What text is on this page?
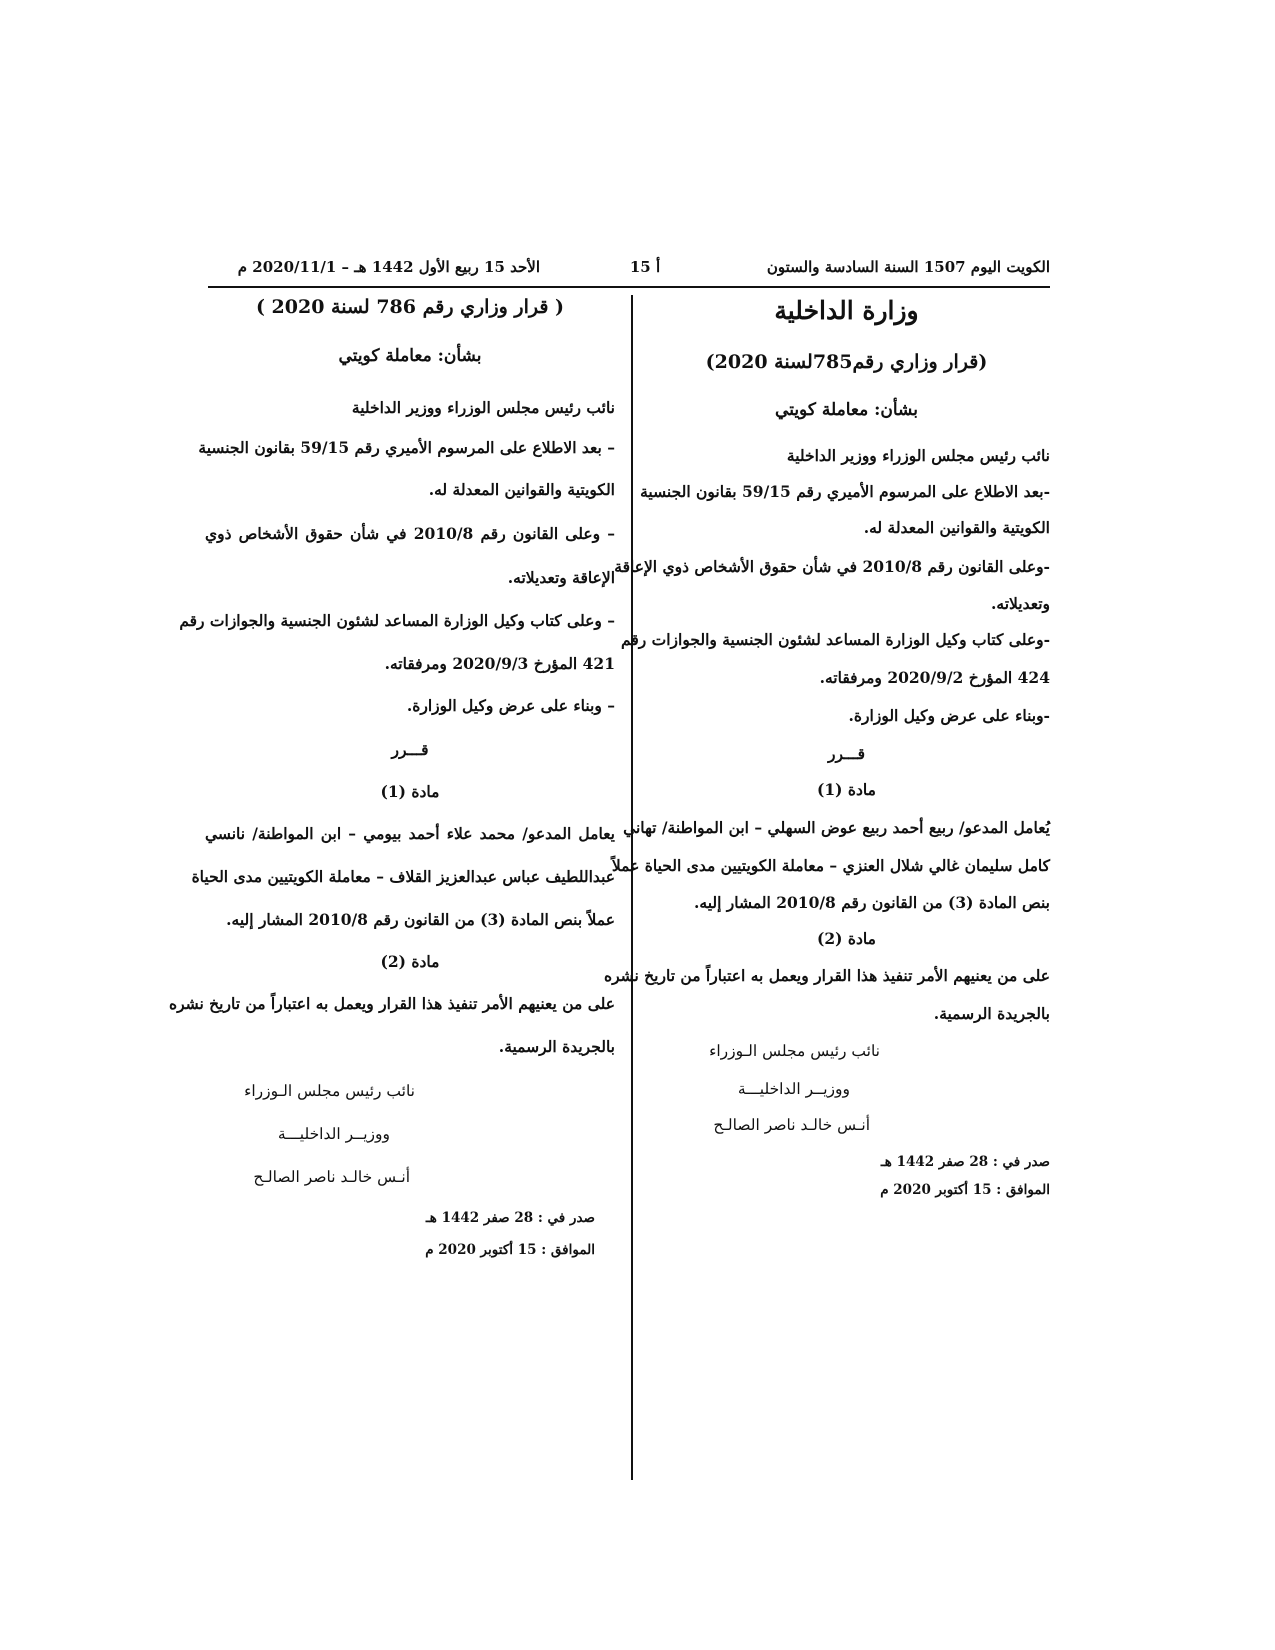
الأحد 15 ربيع الأول 1442 هـ – 2020/11/1 م	أ 15	الكويت اليوم 1507 السنة السادسة والستون
وزارة الداخلية
(قرار وزاري رقم785لسنة 2020)
بشأن: معاملة كويتي
نائب رئيس مجلس الوزراء ووزير الداخلية
-بعد الاطلاع على المرسوم الأميري رقم 59/15 بقانون الجنسية
الكويتية والقوانين المعدلة له.
-وعلى القانون رقم 2010/8 في شأن حقوق الأشخاص ذوي الإعاقة
وتعديلاته.
-وعلى كتاب وكيل الوزارة المساعد لشئون الجنسية والجوازات رقم
424 المؤرخ 2020/9/2 ومرفقاته.
-وبناء على عرض وكيل الوزارة.
قـــرر
مادة (1)
يُعامل المدعو/ ربيع أحمد ربيع عوض السهلي – ابن المواطنة/ تهاني
كامل سليمان غالي شلال العنزي – معاملة الكويتيين مدى الحياة عملاً
بنص المادة (3) من القانون رقم 2010/8 المشار إليه.
مادة (2)
على من يعنيهم الأمر تنفيذ هذا القرار ويعمل به اعتباراً من تاريخ نشره
بالجريدة الرسمية.
نائب رئيس مجلس الـوزراء
ووزيــر الداخليـــة
أنـس خالـد ناصر الصالـح
صدر في : 28 صفر 1442 هـ
الموافق : 15 أكتوبر 2020 م
( قرار وزاري رقم 786 لسنة 2020 )
بشأن: معاملة كويتي
نائب رئيس مجلس الوزراء ووزير الداخلية
– بعد الاطلاع على المرسوم الأميري رقم 59/15 بقانون الجنسية
الكويتية والقوانين المعدلة له.
– وعلى القانون رقم 2010/8 في شأن حقوق الأشخاص ذوي
الإعاقة وتعديلاته.
– وعلى كتاب وكيل الوزارة المساعد لشئون الجنسية والجوازات رقم
421 المؤرخ 2020/9/3 ومرفقاته.
– وبناء على عرض وكيل الوزارة.
قـــرر
مادة (1)
يعامل المدعو/ محمد علاء أحمد بيومي – ابن المواطنة/ نانسي
عبداللطيف عباس عبدالعزيز القلاف – معاملة الكويتيين مدى الحياة
عملاً بنص المادة (3) من القانون رقم 2010/8 المشار إليه.
مادة (2)
على من يعنيهم الأمر تنفيذ هذا القرار ويعمل به اعتباراً من تاريخ نشره
بالجريدة الرسمية.
نائب رئيس مجلس الـوزراء
ووزيــر الداخليـــة
أنـس خالـد ناصر الصالـح
صدر في : 28 صفر 1442 هـ
الموافق : 15 أكتوبر 2020 م
